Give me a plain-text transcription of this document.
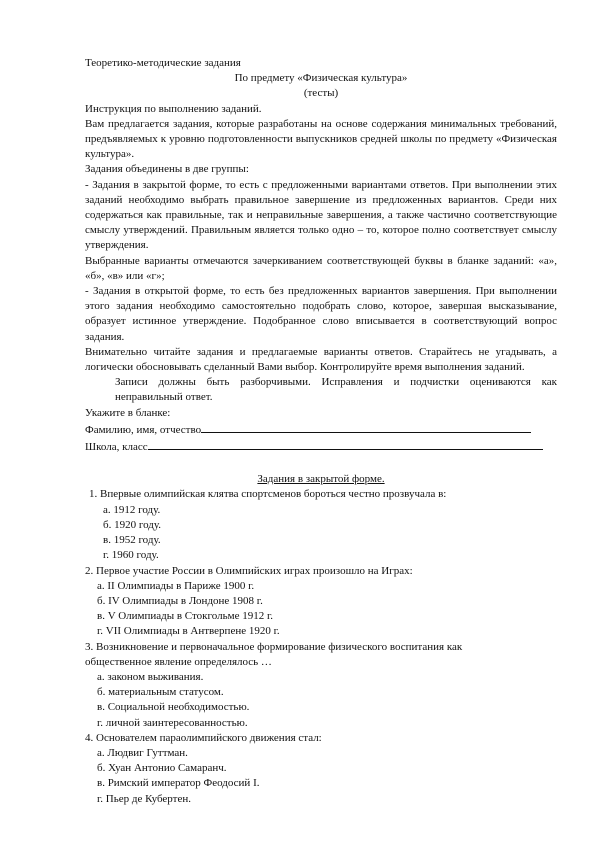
Теоретико-методические задания
По предмету «Физическая культура»
(тесты)
Инструкция по выполнению заданий.

Вам предлагается задания, которые разработаны на основе содержания минимальных требований, предъявляемых к уровню подготовленности выпускников средней школы по предмету «Физическая культура».

Задания объединены в две группы:

- Задания в закрытой форме, то есть с предложенными вариантами ответов. При выполнении этих заданий необходимо выбрать правильное завершение из предложенных вариантов. Среди них содержаться как правильные, так и неправильные завершения, а также частично соответствующие смыслу утверждений. Правильным является только одно – то, которое полно соответствует смыслу утверждения.

Выбранные варианты отмечаются зачеркиванием соответствующей буквы в бланке заданий: «а», «б», «в» или «г»;

- Задания в открытой форме, то есть без предложенных вариантов завершения. При выполнении этого задания необходимо самостоятельно подобрать слово, которое, завершая высказывание, образует истинное утверждение. Подобранное слово вписывается в соответствующий вопрос задания.

Внимательно читайте задания и предлагаемые варианты ответов. Старайтесь не угадывать, а логически обосновывать сделанный Вами выбор. Контролируйте время выполнения заданий.

Записи должны быть разборчивыми. Исправления и подчистки оцениваются как неправильный ответ.

Укажите в бланке:
Фамилию, имя, отчество
Школа, класс
Задания в закрытой форме.
1. Впервые олимпийская клятва спортсменов бороться честно прозвучала в:
а. 1912 году.
б. 1920 году.
в. 1952 году.
г. 1960 году.
2. Первое участие России в Олимпийских играх произошло на Играх:
а. II Олимпиады в Париже 1900 г.
б. IV Олимпиады в Лондоне 1908 г.
в. V Олимпиады в Стокгольме 1912 г.
г. VII Олимпиады в Антверпене 1920 г.
3. Возникновение и первоначальное формирование физического воспитания как
общественное явление определялось …
а. законом выживания.
б. материальным статусом.
в. Социальной необходимостью.
г. личной заинтересованностью.
4. Основателем параолимпийского движения стал:
а. Людвиг Гуттман.
б. Хуан Антонио Самаранч.
в. Римский император Феодосий I.
г. Пьер де Кубертен.
